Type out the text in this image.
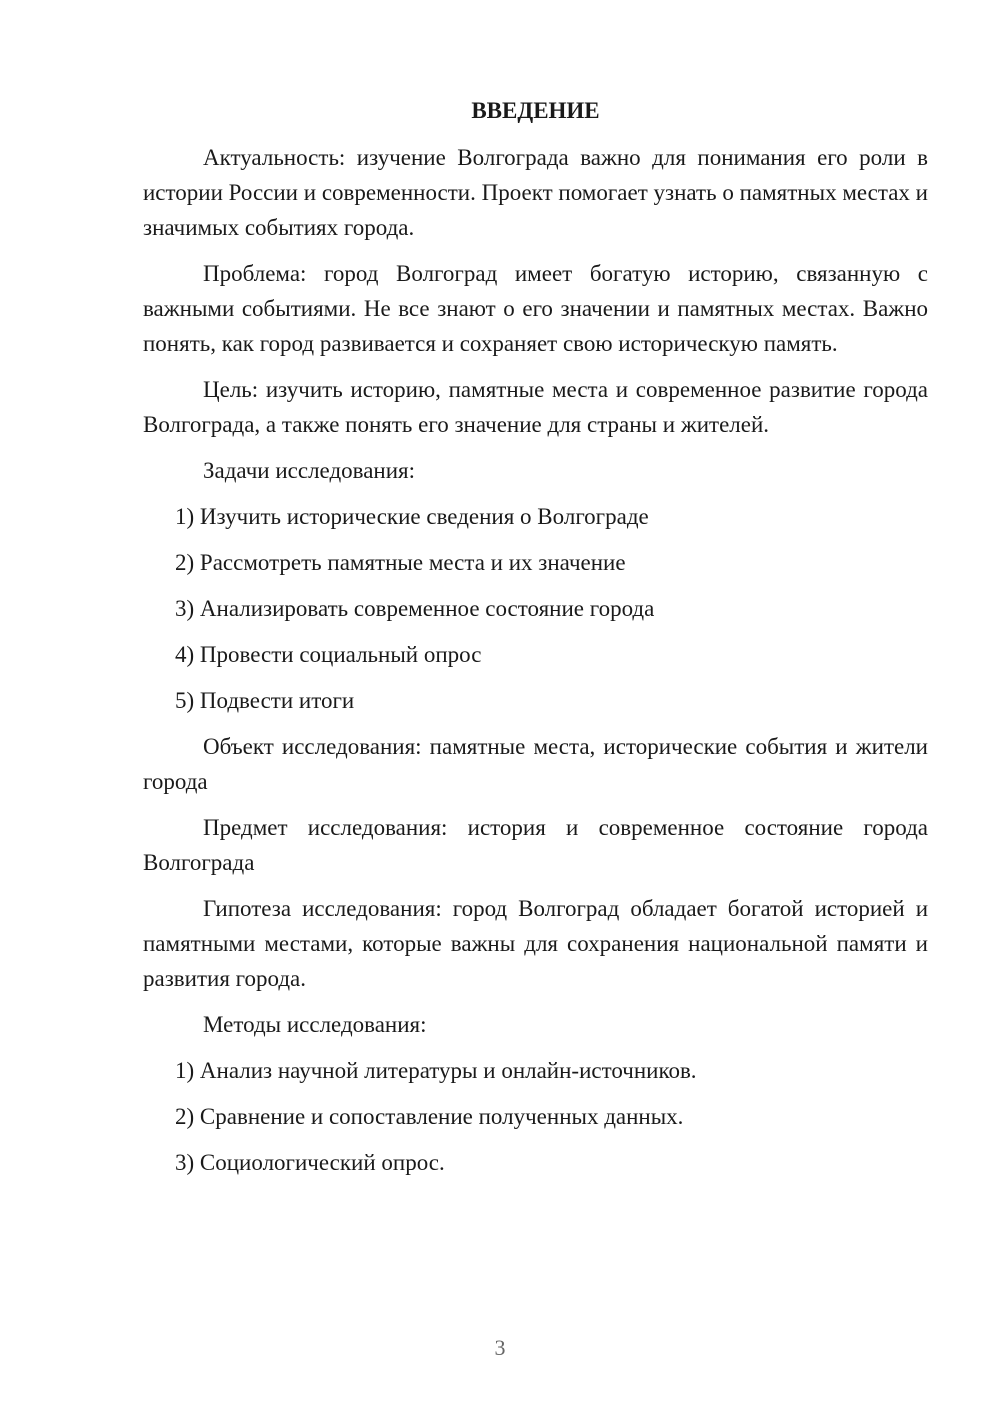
ВВЕДЕНИЕ

Актуальность: изучение Волгограда важно для понимания его роли в истории России и современности. Проект помогает узнать о памятных местах и значимых событиях города.

Проблема: город Волгоград имеет богатую историю, связанную с важными событиями. Не все знают о его значении и памятных местах. Важно понять, как город развивается и сохраняет свою историческую память.

Цель: изучить историю, памятные места и современное развитие города Волгограда, а также понять его значение для страны и жителей.

Задачи исследования:

1) Изучить исторические сведения о Волгограде

2) Рассмотреть памятные места и их значение

3) Анализировать современное состояние города

4) Провести социальный опрос

5) Подвести итоги

Объект исследования: памятные места, исторические события и жители города

Предмет исследования: история и современное состояние города Волгограда

Гипотеза исследования: город Волгоград обладает богатой историей и памятными местами, которые важны для сохранения национальной памяти и развития города.

Методы исследования:

1) Анализ научной литературы и онлайн-источников.

2) Сравнение и сопоставление полученных данных.

3) Социологический опрос.

3
